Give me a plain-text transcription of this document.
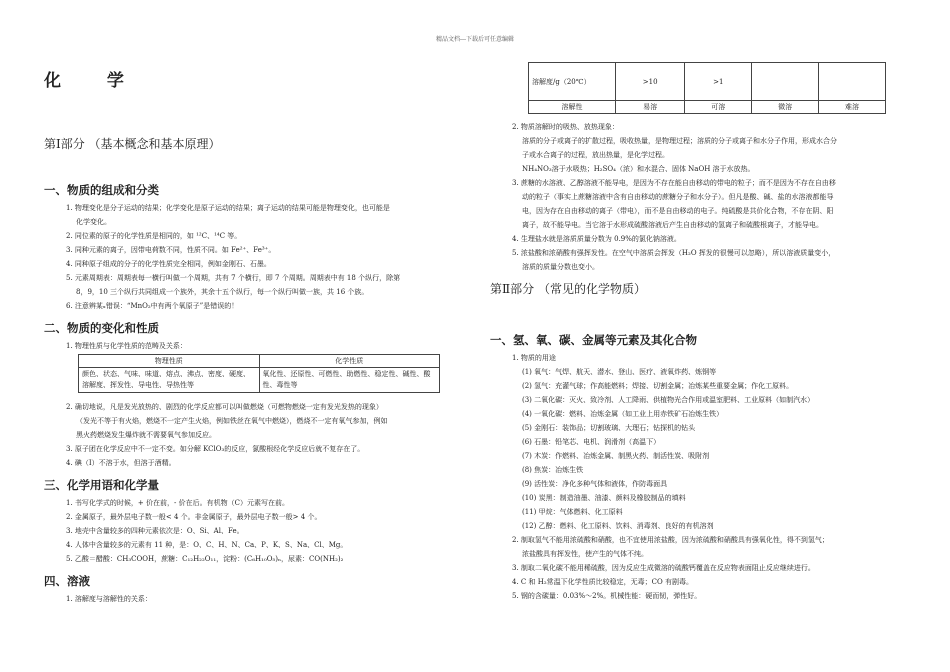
精品文档---下载后可任意编辑
化 学
第Ⅰ部分 （基本概念和基本原理）
一、物质的组成和分类
1. 物理变化是分子运动的结果；化学变化是原子运动的结果；离子运动的结果可能是物理变化，也可能是
化学变化。
2. 同位素的原子的化学性质是相同的，如 ¹²C、¹⁴C 等。
3. 同种元素的离子，因带电荷数不同，性质不同。如 Fe²⁺、Fe³⁺。
4. 同种原子组成的分子的化学性质完全相同，例如金刚石、石墨。
5. 元素周期表：周期表每一横行叫做一个周期，共有 7 个横行，即 7 个周期。周期表中有 18 个纵行，除第
8，9，10 三个纵行共同组成一个族外，其余十五个纵行，每一个纵行叫做一族，共 16 个族。
6. 注意辨某ₓ错误：“MnO₂中有两个氧原子”是错误的！
二、物质的变化和性质
1. 物理性质与化学性质的范畴及关系：
物理性质	化学性质
颜色、状态、气味、味道、熔点、沸点、密度、硬度、溶解度、挥发性、导电性、导热性等	氧化性、还原性、可燃性、助燃性、稳定性、碱性、酸性、毒性等
2. 确切地说，凡是发光放热的、剧烈的化学反应都可以叫做燃烧（可燃物燃烧一定有发光发热的现象）
（发光不等于有火焰，燃烧不一定产生火焰，例如铁丝在氧气中燃烧），燃烧不一定有氧气参加，例如
黑火药燃烧发生爆炸就不需要氧气参加反应。
3. 原子团在化学反应中不一定不变。如分解 KClO₃的反应，氯酸根经化学反应后就不复存在了。
4. 碘（I）不溶于水，但溶于酒精。
三、化学用语和化学量
1. 书写化学式的时候，+ 价在前，- 价在后。有机物（C）元素写在前。
2. 金属原子，最外层电子数一般< 4 个。非金属原子，最外层电子数一般> 4 个。
3. 地壳中含量较多的四种元素依次是：O、Si、Al、Fe。
4. 人体中含量较多的元素有 11 种，是：O、C、H、N、Ca、P、K、S、Na、Cl、Mg。
5. 乙酸＝醋酸：CH₃COOH，蔗糖：C₁₂H₂₂O₁₁，淀粉：(C₆H₁₀O₅)ₙ，尿素：CO(NH₂)₂
四、溶液
1. 溶解度与溶解性的关系：
溶解度/g（20℃）	>10	>1		
溶解性	易溶	可溶	微溶	难溶
2. 物质溶解时的吸热、放热现象：
溶质的分子或离子的扩散过程，吸收热量，是物理过程；溶质的分子或离子和水分子作用，形成水合分
子或水合离子的过程，放出热量，是化学过程。
NH₄NO₃溶于水吸热；H₂SO₄（浓）和水混合、固体 NaOH 溶于水放热。
3. 蔗糖的水溶液、乙醇溶液不能导电，是因为不存在能自由移动的带电的粒子；而不是因为不存在自由移
动的粒子（事实上蔗糖溶液中含有自由移动的蔗糖分子和水分子）。但凡是酸、碱、盐的水溶液都能导
电，因为存在自由移动的离子（带电），而不是自由移动的电子。纯硫酸是共价化合物，不存在阴、阳
离子，故不能导电。当它溶于水形成硫酸溶液后产生自由移动的氢离子和硫酸根离子，才能导电。
4. 生理盐水就是溶质质量分数为 0.9%的氯化钠溶液。
5. 浓盐酸和浓硝酸有强挥发性。在空气中溶质会挥发（H₂O 挥发的很慢可以忽略），所以溶液质量变小，
溶质的质量分数也变小。
第Ⅱ部分 （常见的化学物质）
一、氢、氧、碳、金属等元素及其化合物
1. 物质的用途
(1) 氧气：气焊、航天、潜水、登山、医疗、液氧炸药、炼钢等
(2) 氢气：充灌气球；作高能燃料；焊接、切割金属；冶炼某些重要金属；作化工原料。
(3) 二氧化碳：灭火、致冷剂、人工降雨、供植物光合作用或温室肥料、工业原料（如制汽水）
(4) 一氧化碳：燃料、冶炼金属（如工业上用赤铁矿石冶炼生铁）
(5) 金刚石：装饰品；切割玻璃、大理石；钻探机的钻头
(6) 石墨：铅笔芯、电机、润滑剂（高温下）
(7) 木炭：作燃料、冶炼金属、制黑火药、制活性炭、吸附剂
(8) 焦炭：冶炼生铁
(9) 活性炭：净化多种气体和液体，作防毒面具
(10) 炭黑：制造油墨、油漆、颜料及橡胶制品的填料
(11) 甲烷：气体燃料、化工原料
(12) 乙醇：燃料、化工原料、饮料、消毒剂、良好的有机溶剂
2. 制取氢气不能用浓硫酸和硝酸，也不宜使用浓盐酸，因为浓硫酸和硝酸具有强氧化性，得不到氢气；
浓盐酸具有挥发性，使产生的气体不纯。
3. 制取二氧化碳不能用稀硫酸，因为反应生成微溶的硫酸钙覆盖在反应物表面阻止反应继续进行。
4. C 和 H₂常温下化学性质比较稳定，无毒；CO 有剧毒。
5. 钢的含碳量：0.03%～2%。机械性能：硬而韧，弹性好。
